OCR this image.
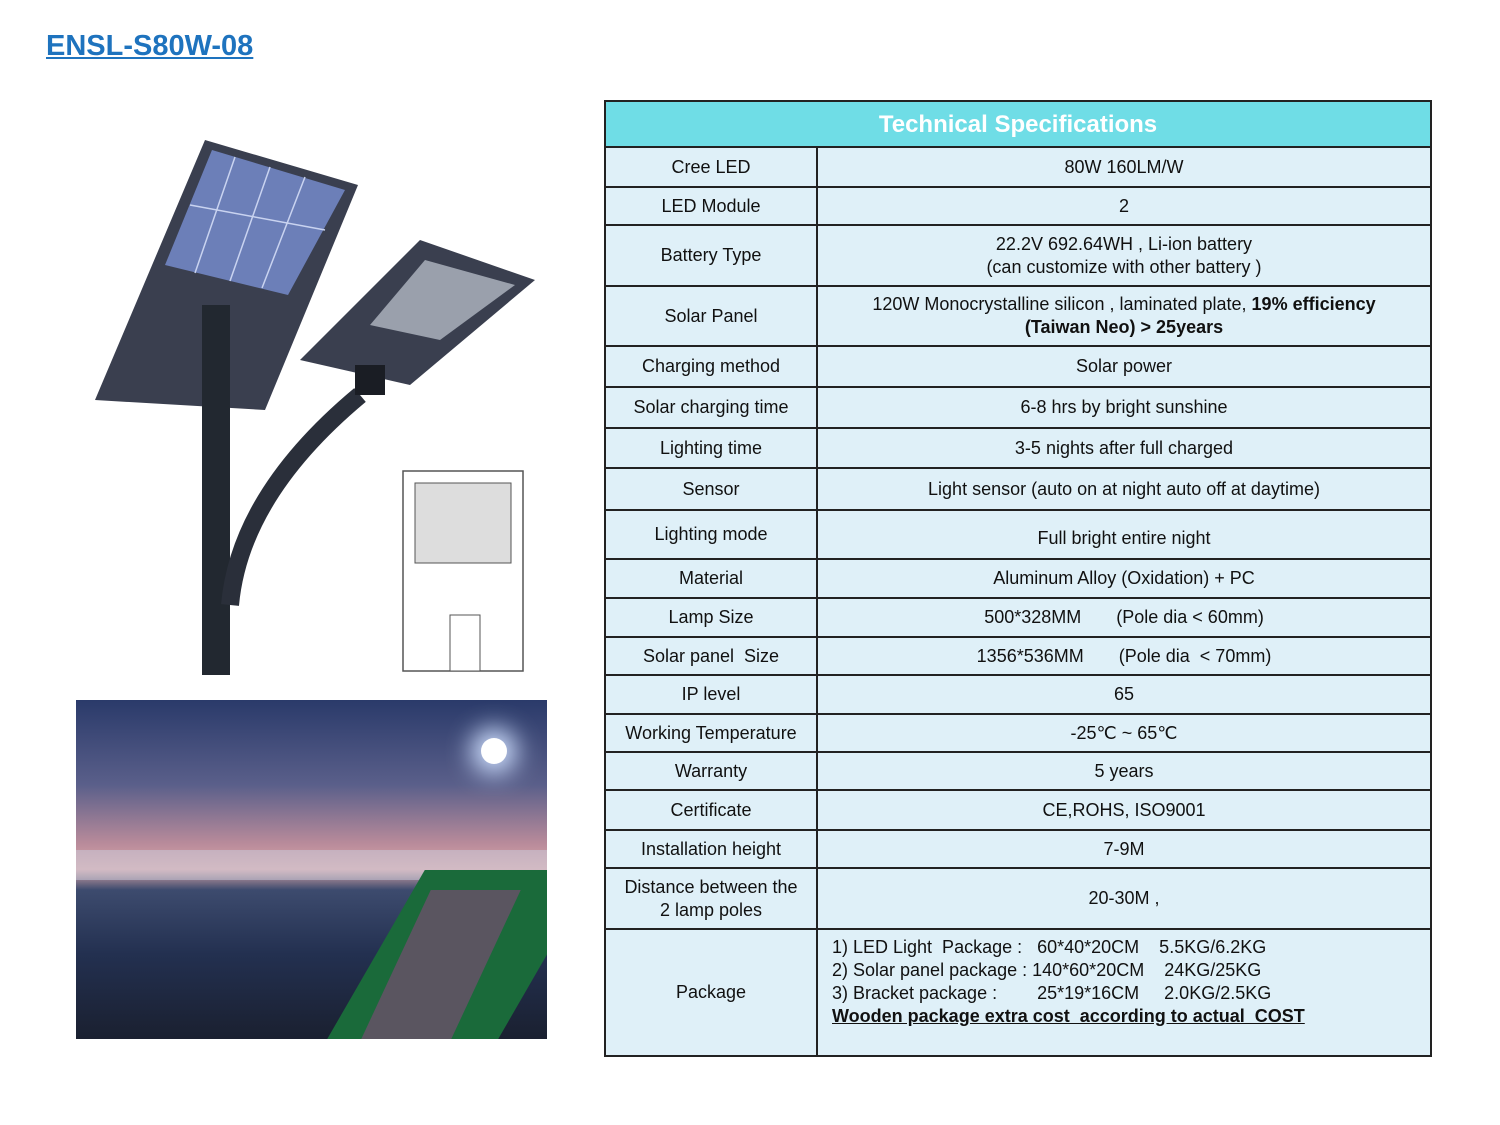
ENSL-S80W-08
Technical Specifications	
Cree LED	80W 160LM/W
LED Module	2
Battery Type	22.2V 692.64WH , Li-ion battery
(can customize with other battery )

Solar Panel	120W Monocrystalline silicon , laminated plate, 19% efficiency
(Taiwan Neo) > 25years

Charging method	Solar power
Solar charging time	6-8 hrs by bright sunshine
Lighting time	3-5 nights after full charged
Sensor	Light sensor (auto on at night auto off at daytime)
Lighting mode	Full bright entire night
Material	Aluminum Alloy (Oxidation) + PC
Lamp Size	500*328MM       (Pole dia < 60mm)
Solar panel  Size	1356*536MM       (Pole dia  < 70mm)
IP level	65
Working Temperature	-25℃ ~ 65℃
Warranty	5 years
Certificate	CE,ROHS, ISO9001
Installation height	7-9M

Distance between the
2 lamp poles	20-30M ,
Package	1) LED Light  Package :   60*40*20CM    5.5KG/6.2KG
2) Solar panel package : 140*60*20CM    24KG/25KG
3) Bracket package :        25*19*16CM     2.0KG/2.5KG
Wooden package extra cost  according to actual  COST
